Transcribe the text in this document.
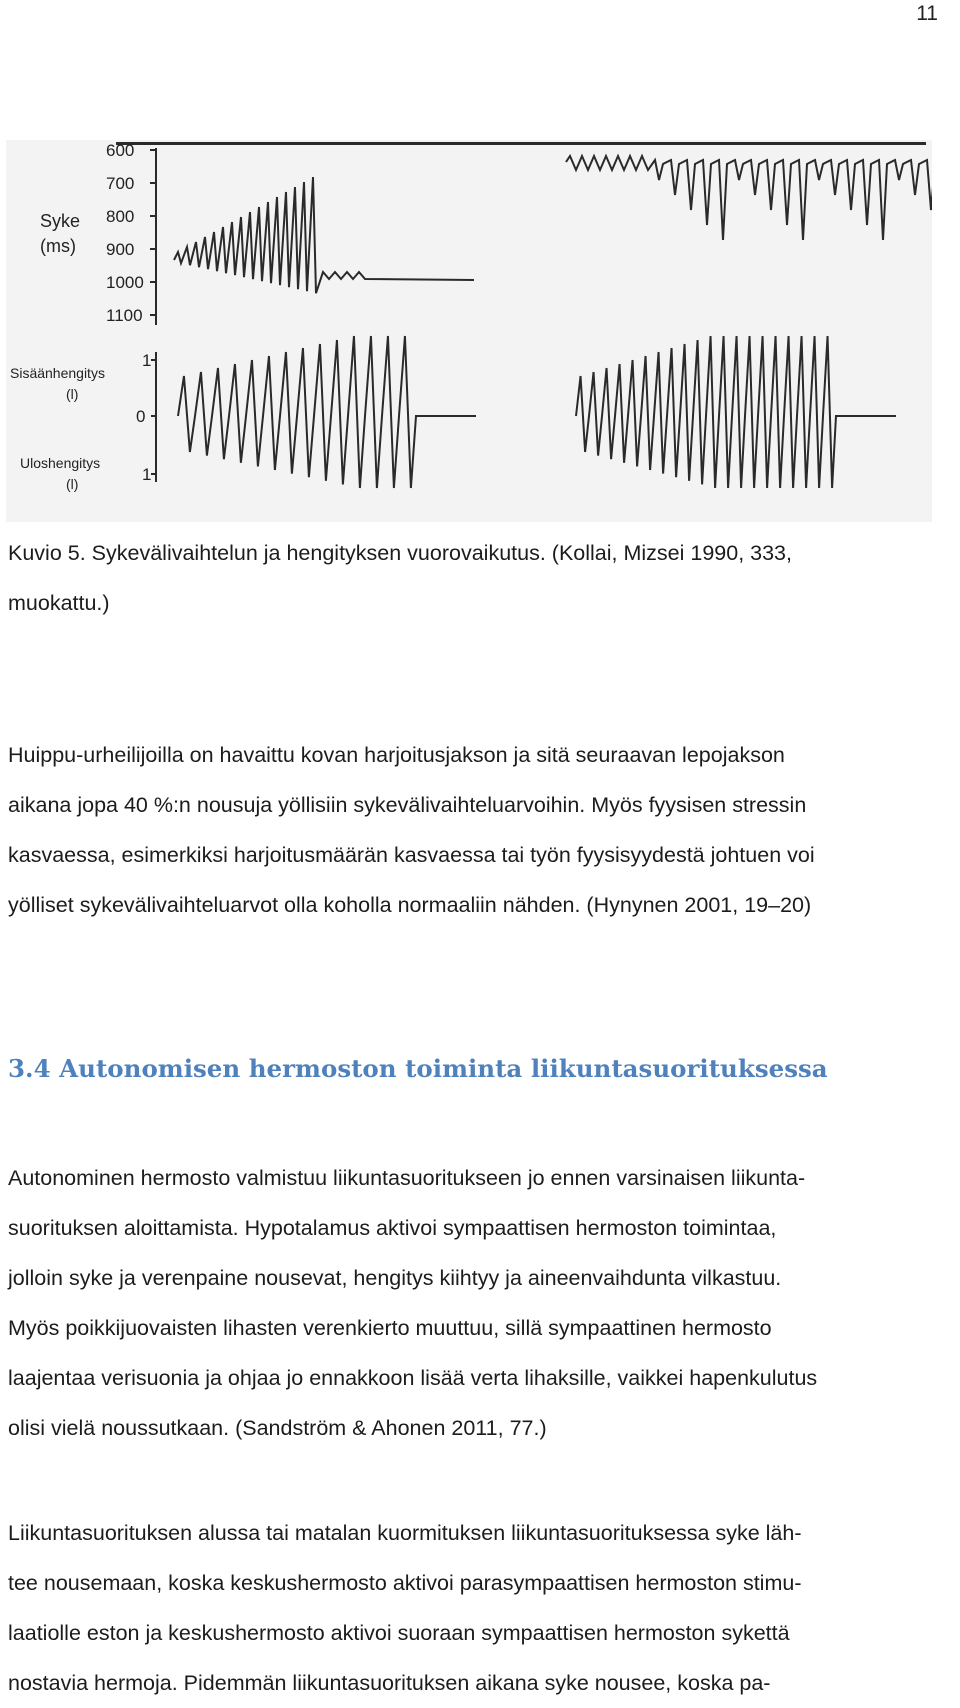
11
Syke
(ms)
600
700
800
900
1000
1100
Sisäänhengitys
(l)
Uloshengitys
(l)
1
0
1

Kuvio 5. Sykevälivaihtelun ja hengityksen vuorovaikutus. (Kollai, Mizsei 1990, 333,

muokattu.)

Huippu-urheilijoilla on havaittu kovan harjoitusjakson ja sitä seuraavan lepojakson

aikana jopa 40 %:n nousuja yöllisiin sykevälivaihteluarvoihin. Myös fyysisen stressin

kasvaessa, esimerkiksi harjoitusmäärän kasvaessa tai työn fyysisyydestä johtuen voi

yölliset sykevälivaihteluarvot olla koholla normaaliin nähden. (Hynynen 2001, 19–20)

3.4 Autonomisen hermoston toiminta liikuntasuorituksessa

Autonominen hermosto valmistuu liikuntasuoritukseen jo ennen varsinaisen liikunta-

suorituksen aloittamista. Hypotalamus aktivoi sympaattisen hermoston toimintaa,

jolloin syke ja verenpaine nousevat, hengitys kiihtyy ja aineenvaihdunta vilkastuu.

Myös poikkijuovaisten lihasten verenkierto muuttuu, sillä sympaattinen hermosto

laajentaa verisuonia ja ohjaa jo ennakkoon lisää verta lihaksille, vaikkei hapenkulutus

olisi vielä noussutkaan. (Sandström & Ahonen 2011, 77.)

Liikuntasuorituksen alussa tai matalan kuormituksen liikuntasuorituksessa syke läh-

tee nousemaan, koska keskushermosto aktivoi parasympaattisen hermoston stimu-

laatiolle eston ja keskushermosto aktivoi suoraan sympaattisen hermoston sykettä

nostavia hermoja. Pidemmän liikuntasuorituksen aikana syke nousee, koska pa-
